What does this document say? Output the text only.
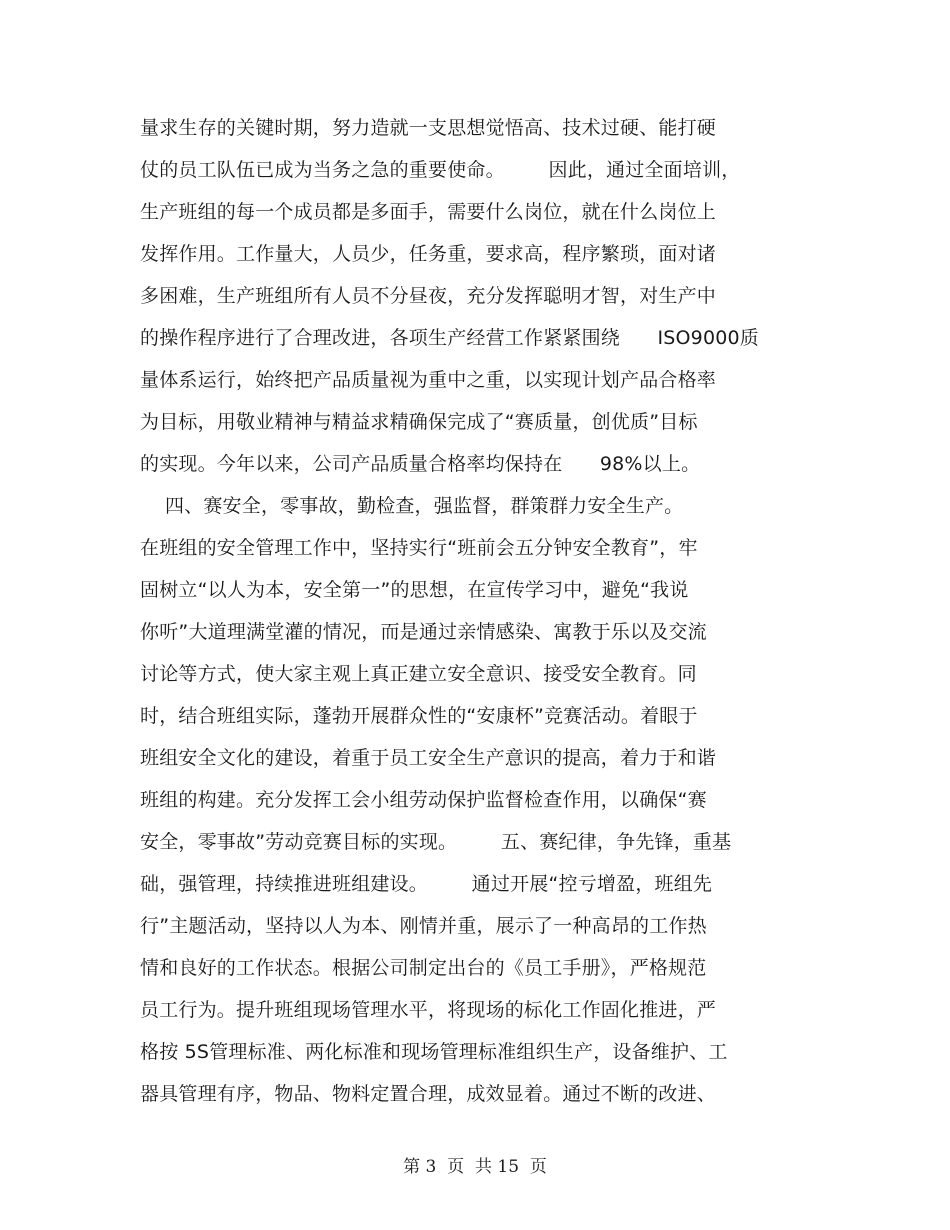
量求生存的关键时期，努力造就一支思想觉悟高、技术过硬、能打硬
仗的员工队伍已成为当务之急的重要使命。       因此，通过全面培训，
生产班组的每一个成员都是多面手，需要什么岗位，就在什么岗位上
发挥作用。工作量大，人员少，任务重，要求高，程序繁琐，面对诸
多困难，生产班组所有人员不分昼夜，充分发挥聪明才智，对生产中
的操作程序进行了合理改进，各项生产经营工作紧紧围绕      ISO9000质
量体系运行，始终把产品质量视为重中之重，以实现计划产品合格率
为目标，用敬业精神与精益求精确保完成了“赛质量，创优质”目标
的实现。今年以来，公司产品质量合格率均保持在      98%以上。
四、赛安全，零事故，勤检查，强监督，群策群力安全生产。
在班组的安全管理工作中，坚持实行“班前会五分钟安全教育”，牢
固树立“以人为本，安全第一”的思想，在宣传学习中，避免“我说
你听”大道理满堂灌的情况，而是通过亲情感染、寓教于乐以及交流
讨论等方式，使大家主观上真正建立安全意识、接受安全教育。同
时，结合班组实际，蓬勃开展群众性的“安康杯”竞赛活动。着眼于
班组安全文化的建设，着重于员工安全生产意识的提高，着力于和谐
班组的构建。充分发挥工会小组劳动保护监督检查作用，以确保“赛
安全，零事故”劳动竞赛目标的实现。       五、赛纪律，争先锋，重基
础，强管理，持续推进班组建设。       通过开展“控亏增盈，班组先
行”主题活动，坚持以人为本、刚情并重，展示了一种高昂的工作热
情和良好的工作状态。根据公司制定出台的《员工手册》，严格规范
员工行为。提升班组现场管理水平，将现场的标化工作固化推进，严
格按 5S管理标准、两化标准和现场管理标准组织生产，设备维护、工
器具管理有序，物品、物料定置合理，成效显着。通过不断的改进、
第 3  页  共 15  页
